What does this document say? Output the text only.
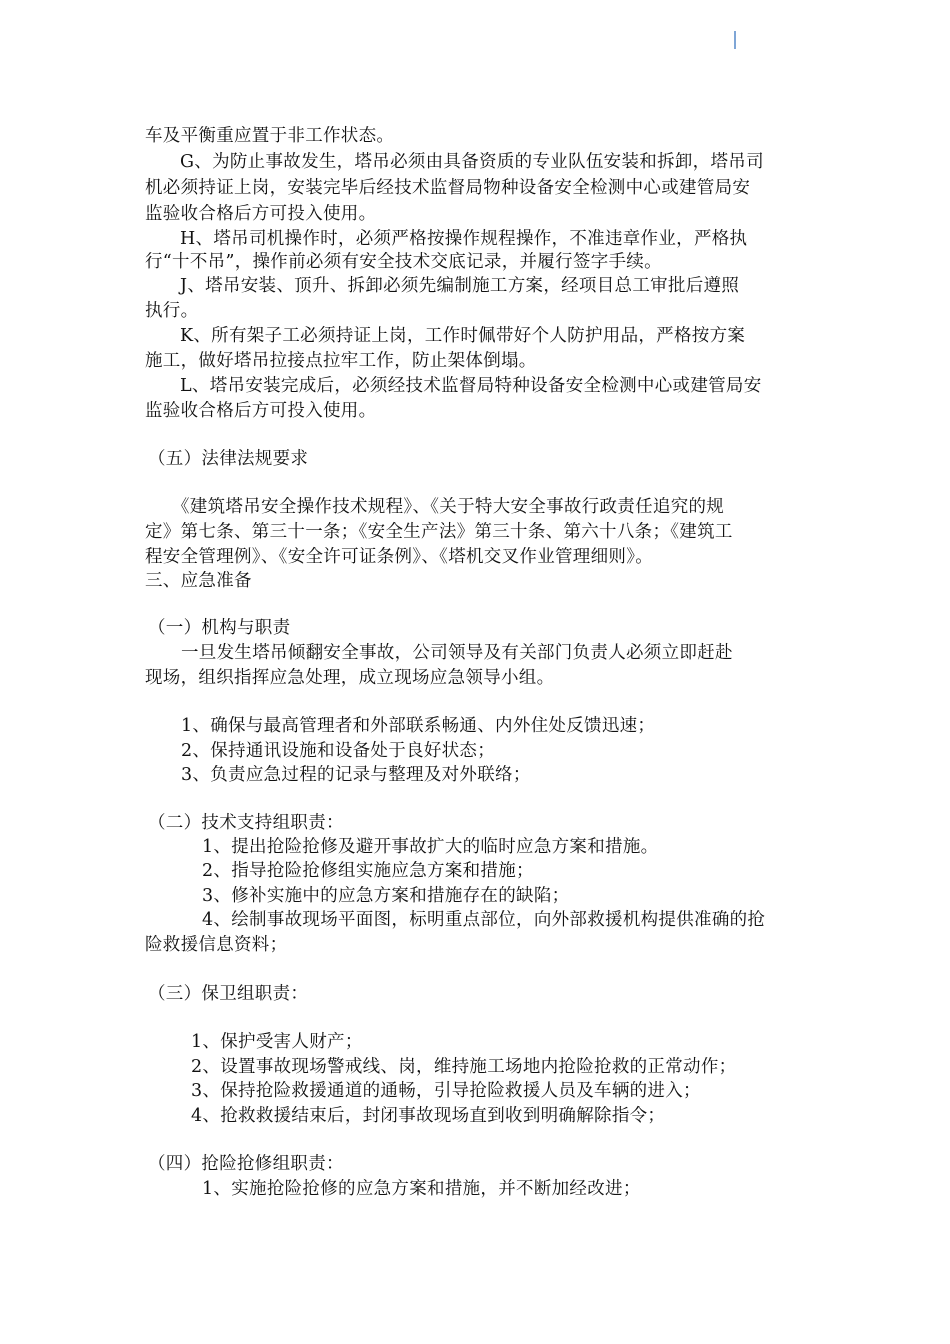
车及平衡重应置于非工作状态。
G、为防止事故发生，塔吊必须由具备资质的专业队伍安装和拆卸，塔吊司
机必须持证上岗，安装完毕后经技术监督局物种设备安全检测中心或建管局安
监验收合格后方可投入使用。
H、塔吊司机操作时，必须严格按操作规程操作，不准违章作业，严格执
行“十不吊”，操作前必须有安全技术交底记录，并履行签字手续。
J、塔吊安装、顶升、拆卸必须先编制施工方案，经项目总工审批后遵照
执行。
K、所有架子工必须持证上岗，工作时佩带好个人防护用品，严格按方案
施工，做好塔吊拉接点拉牢工作，防止架体倒塌。
L、塔吊安装完成后，必须经技术监督局特种设备安全检测中心或建管局安
监验收合格后方可投入使用。
（五）法律法规要求
《建筑塔吊安全操作技术规程》、《关于特大安全事故行政责任追究的规
定》第七条、第三十一条；《安全生产法》第三十条、第六十八条；《建筑工
程安全管理例》、《安全许可证条例》、《塔机交叉作业管理细则》。
三、应急准备
（一）机构与职责
一旦发生塔吊倾翻安全事故，公司领导及有关部门负责人必须立即赶赴
现场，组织指挥应急处理，成立现场应急领导小组。
1、确保与最高管理者和外部联系畅通、内外住处反馈迅速；
2、保持通讯设施和设备处于良好状态；
3、负责应急过程的记录与整理及对外联络；
（二）技术支持组职责：
1、提出抢险抢修及避开事故扩大的临时应急方案和措施。
2、指导抢险抢修组实施应急方案和措施；
3、修补实施中的应急方案和措施存在的缺陷；
4、绘制事故现场平面图，标明重点部位，向外部救援机构提供准确的抢
险救援信息资料；
（三）保卫组职责：
1、保护受害人财产；
2、设置事故现场警戒线、岗，维持施工场地内抢险抢救的正常动作；
3、保持抢险救援通道的通畅，引导抢险救援人员及车辆的进入；
4、抢救救援结束后，封闭事故现场直到收到明确解除指令；
（四）抢险抢修组职责：
1、实施抢险抢修的应急方案和措施，并不断加经改进；
